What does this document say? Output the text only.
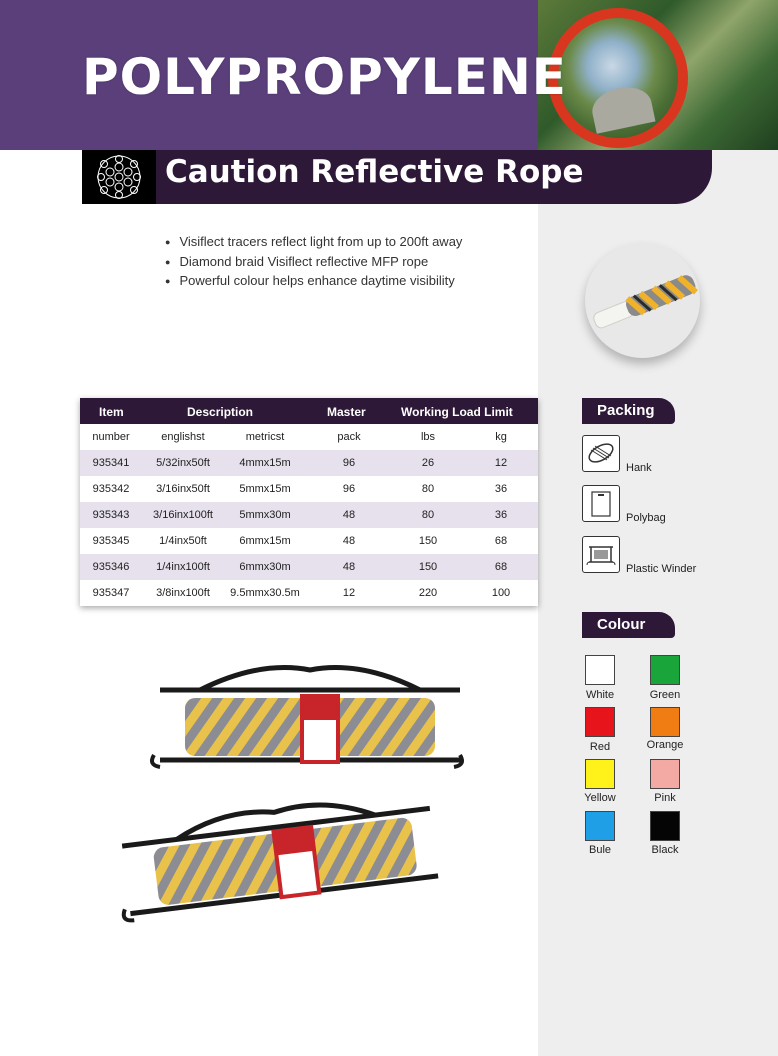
POLYPROPYLENE
Caution Reflective Rope
● Visiflect tracers reflect light from up to 200ft away
● Diamond braid Visiflect reflective MFP rope
● Powerful colour helps enhance daytime visibility
Item	Description	Master	Working Load Limit
number	englishst	metricst	pack	lbs	kg
935341 5/32inx50ft	4mmx15m	96	26	12
935342 3/16inx50ft	5mmx15m	96	80	36
935343 3/16inx100ft 5mmx30m	48	80	36
935345	1/4inx50ft	6mmx15m	48	150	68
935346 1/4inx100ft	6mmx30m	48	150	68
935347 3/8inx100ft 9.5mmx30.5m	12	220	100
Packing
Hank
Polybag
Plastic Winder
Colour
White	Green
Red	Orange
Yellow	Pink
Bule	Black
